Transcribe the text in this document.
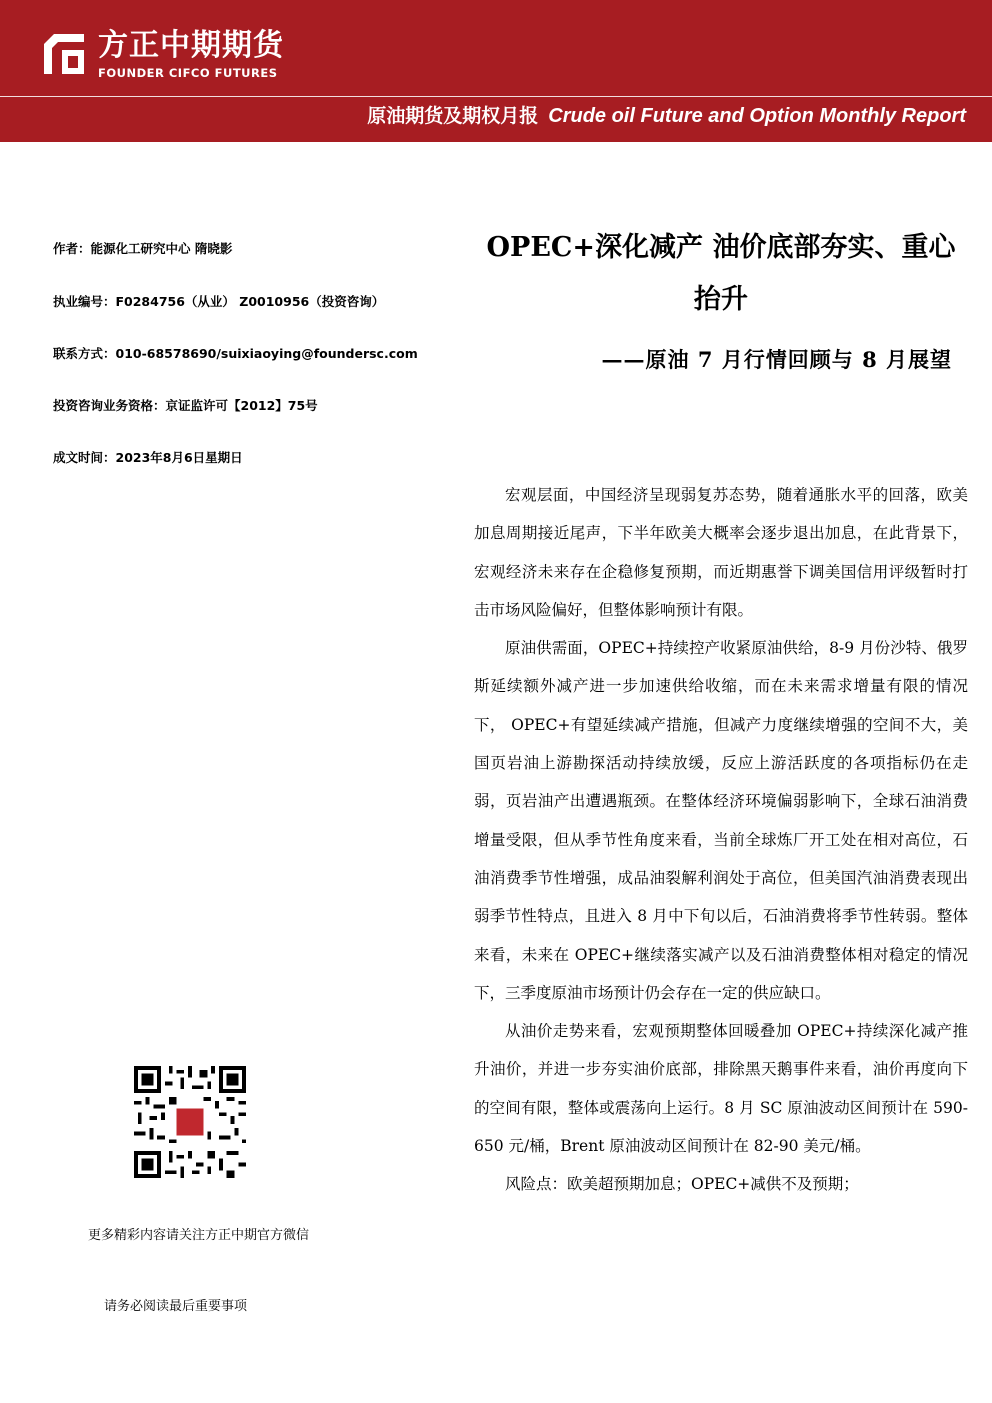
方正中期期货
FOUNDER CIFCO FUTURES
原油期货及期权月报 Crude oil Future and Option Monthly Report
作者：能源化工研究中心 隋晓影
执业编号：F0284756（从业） Z0010956（投资咨询）
联系方式：010-68578690/suixiaoying@foundersc.com
投资咨询业务资格：京证监许可【2012】75号
成文时间：2023年8月6日星期日
更多精彩内容请关注方正中期官方微信
请务必阅读最后重要事项
OPEC+深化减产 油价底部夯实、重心抬升
——原油 7 月行情回顾与 8 月展望

宏观层面，中国经济呈现弱复苏态势，随着通胀水平的回落，欧美加息周期接近尾声，下半年欧美大概率会逐步退出加息，在此背景下，宏观经济未来存在企稳修复预期，而近期惠誉下调美国信用评级暂时打击市场风险偏好，但整体影响预计有限。

原油供需面，OPEC+持续控产收紧原油供给，8-9 月份沙特、俄罗斯延续额外减产进一步加速供给收缩，而在未来需求增量有限的情况下， OPEC+有望延续减产措施，但减产力度继续增强的空间不大，美国页岩油上游勘探活动持续放缓，反应上游活跃度的各项指标仍在走弱，页岩油产出遭遇瓶颈。在整体经济环境偏弱影响下，全球石油消费增量受限，但从季节性角度来看，当前全球炼厂开工处在相对高位，石油消费季节性增强，成品油裂解利润处于高位，但美国汽油消费表现出弱季节性特点，且进入 8 月中下旬以后，石油消费将季节性转弱。整体来看，未来在 OPEC+继续落实减产以及石油消费整体相对稳定的情况下，三季度原油市场预计仍会存在一定的供应缺口。

从油价走势来看，宏观预期整体回暖叠加 OPEC+持续深化减产推升油价，并进一步夯实油价底部，排除黑天鹅事件来看，油价再度向下的空间有限，整体或震荡向上运行。8 月 SC 原油波动区间预计在 590-650 元/桶，Brent 原油波动区间预计在 82-90 美元/桶。

风险点：欧美超预期加息；OPEC+减供不及预期；
